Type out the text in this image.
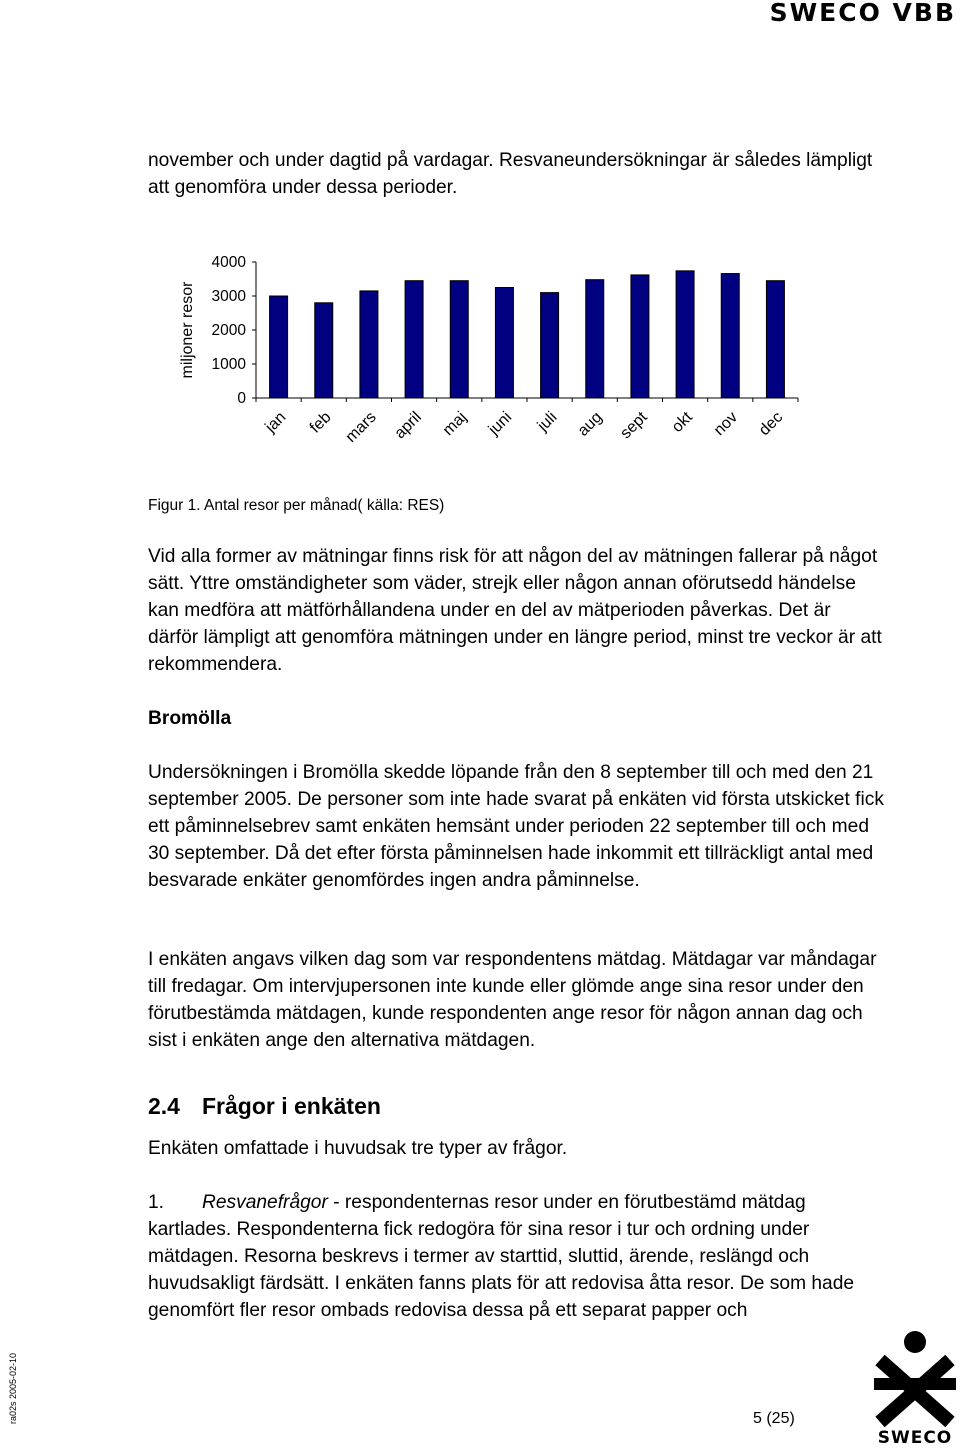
SWECO VBB

november och under dagtid på vardagar. Resvaneundersökningar är således lämpligt att genomföra under dessa perioder.

miljoner resor
0
1000
2000
3000
4000
jan feb mars april maj juni juli aug sept okt nov dec
Figur 1. Antal resor per månad( källa: RES)

Vid alla former av mätningar finns risk för att någon del av mätningen fallerar på något sätt. Yttre omständigheter som väder, strejk eller någon annan oförutsedd händelse kan medföra att mätförhållandena under en del av mätperioden påverkas. Det är därför lämpligt att genomföra mätningen under en längre period, minst tre veckor är att rekommendera.

Bromölla

Undersökningen i Bromölla skedde löpande från den 8 september till och med den 21 september 2005. De personer som inte hade svarat på enkäten vid första utskicket fick ett påminnelsebrev samt enkäten hemsänt under perioden 22 september till och med 30 september. Då det efter första påminnelsen hade inkommit ett tillräckligt antal med besvarade enkäter genomfördes ingen andra påminnelse.

I enkäten angavs vilken dag som var respondentens mätdag. Mätdagar var måndagar till fredagar. Om intervjupersonen inte kunde eller glömde ange sina resor under den förutbestämda mätdagen, kunde respondenten ange resor för någon annan dag och sist i enkäten ange den alternativa mätdagen.

2.4 Frågor i enkäten

Enkäten omfattade i huvudsak tre typer av frågor.

1. Resvanefrågor - respondenternas resor under en förutbestämd mätdag kartlades. Respondenterna fick redogöra för sina resor i tur och ordning under mätdagen. Resorna beskrevs i termer av starttid, sluttid, ärende, reslängd och huvudsakligt färdsätt. I enkäten fanns plats för att redovisa åtta resor. De som hade genomfört fler resor ombads redovisa dessa på ett separat papper och

ra02s 2005-02-10	5 (25)
SWECO
